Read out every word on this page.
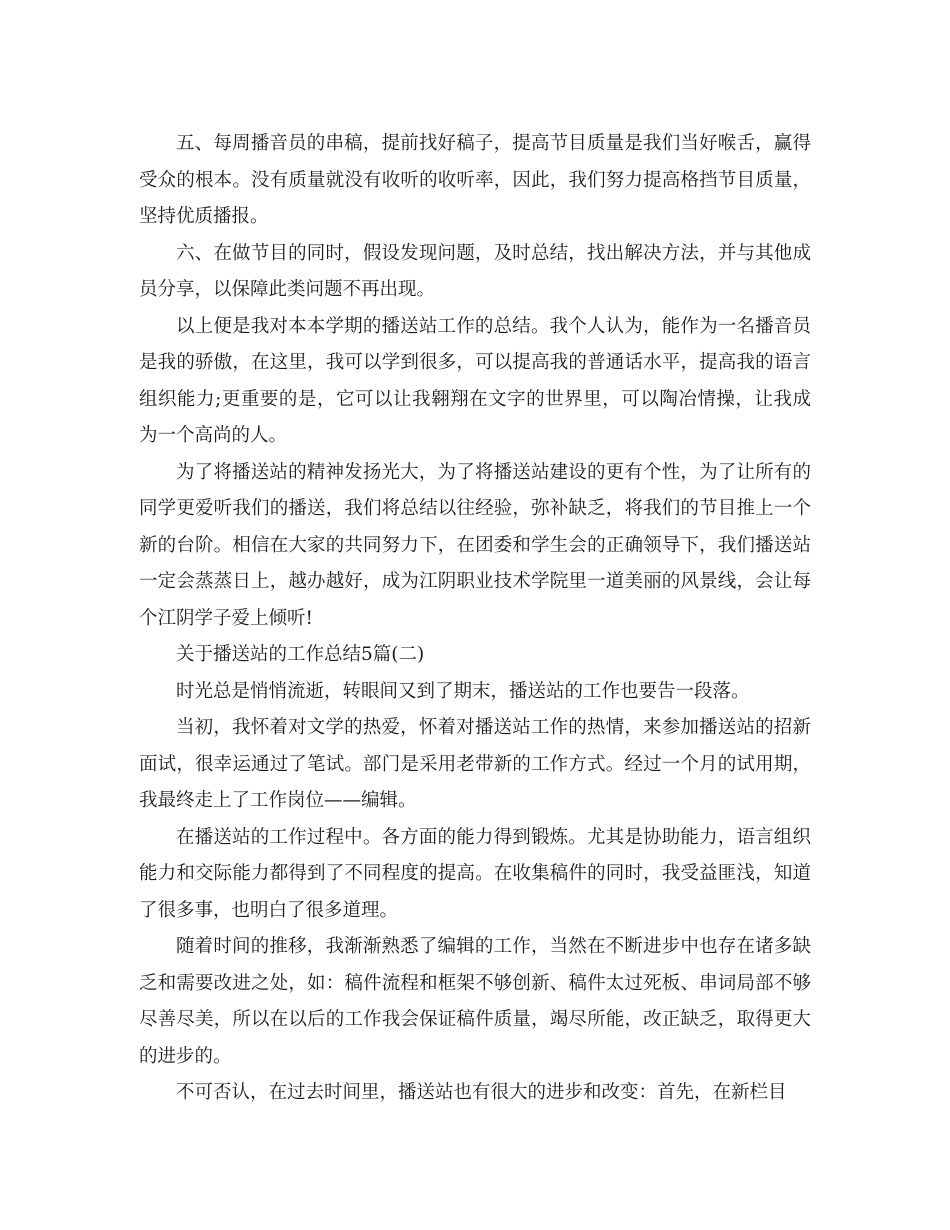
五、每周播音员的串稿，提前找好稿子，提高节目质量是我们当好喉舌，赢得受众的根本。没有质量就没有收听的收听率，因此，我们努力提高格挡节目质量，坚持优质播报。

六、在做节目的同时，假设发现问题，及时总结，找出解决方法，并与其他成员分享，以保障此类问题不再出现。

以上便是我对本本学期的播送站工作的总结。我个人认为，能作为一名播音员是我的骄傲，在这里，我可以学到很多，可以提高我的普通话水平，提高我的语言组织能力;更重要的是，它可以让我翱翔在文字的世界里，可以陶冶情操，让我成为一个高尚的人。

为了将播送站的精神发扬光大，为了将播送站建设的更有个性，为了让所有的同学更爱听我们的播送，我们将总结以往经验，弥补缺乏，将我们的节目推上一个新的台阶。相信在大家的共同努力下，在团委和学生会的正确领导下，我们播送站一定会蒸蒸日上，越办越好，成为江阴职业技术学院里一道美丽的风景线，会让每个江阴学子爱上倾听!

关于播送站的工作总结5篇(二)

时光总是悄悄流逝，转眼间又到了期末，播送站的工作也要告一段落。

当初，我怀着对文学的热爱，怀着对播送站工作的热情，来参加播送站的招新面试，很幸运通过了笔试。部门是采用老带新的工作方式。经过一个月的试用期，我最终走上了工作岗位——编辑。

在播送站的工作过程中。各方面的能力得到锻炼。尤其是协助能力，语言组织能力和交际能力都得到了不同程度的提高。在收集稿件的同时，我受益匪浅，知道了很多事，也明白了很多道理。

随着时间的推移，我渐渐熟悉了编辑的工作，当然在不断进步中也存在诸多缺乏和需要改进之处，如：稿件流程和框架不够创新、稿件太过死板、串词局部不够尽善尽美，所以在以后的工作我会保证稿件质量，竭尽所能，改正缺乏，取得更大的进步的。

不可否认，在过去时间里，播送站也有很大的进步和改变：首先，在新栏目
